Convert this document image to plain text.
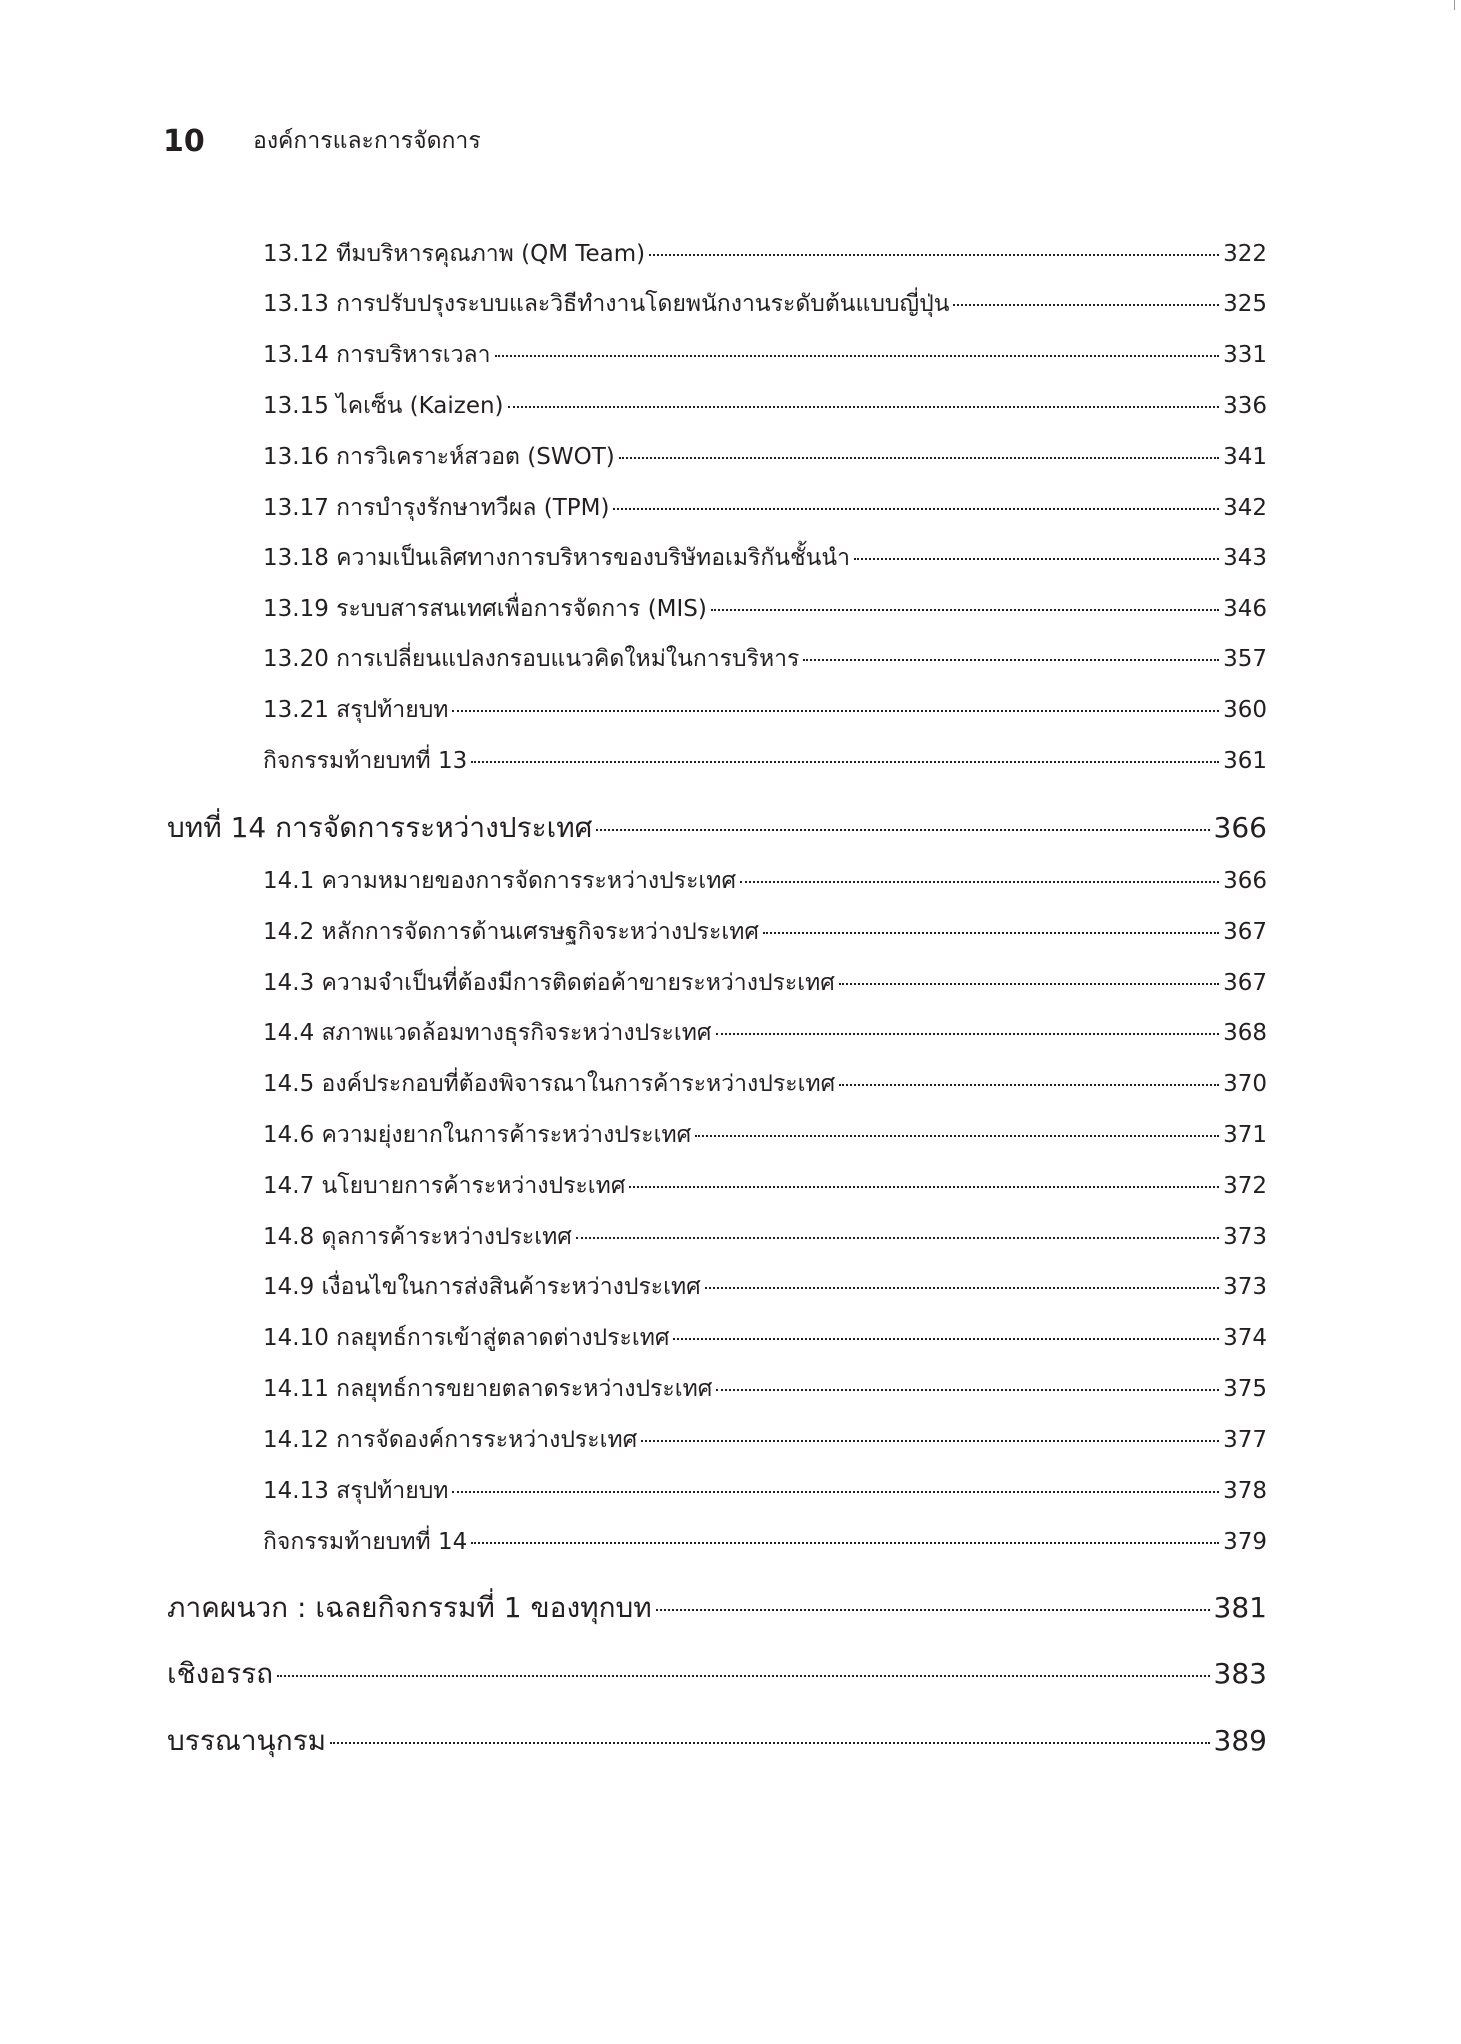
10	องค์การและการจัดการ
13.12 ทีมบริหารคุณภาพ (QM Team)	322
13.13 การปรับปรุงระบบและวิธีทำงานโดยพนักงานระดับต้นแบบญี่ปุ่น	325
13.14 การบริหารเวลา	331
13.15 ไคเซ็น (Kaizen)	336
13.16 การวิเคราะห์สวอต (SWOT)	341
13.17 การบำรุงรักษาทวีผล (TPM)	342
13.18 ความเป็นเลิศทางการบริหารของบริษัทอเมริกันชั้นนำ	343
13.19 ระบบสารสนเทศเพื่อการจัดการ (MIS)	346
13.20 การเปลี่ยนแปลงกรอบแนวคิดใหม่ในการบริหาร	357
13.21 สรุปท้ายบท	360
กิจกรรมท้ายบทที่ 13	361
บทที่ 14 การจัดการระหว่างประเทศ	366
14.1 ความหมายของการจัดการระหว่างประเทศ	366
14.2 หลักการจัดการด้านเศรษฐกิจระหว่างประเทศ	367
14.3 ความจำเป็นที่ต้องมีการติดต่อค้าขายระหว่างประเทศ	367
14.4 สภาพแวดล้อมทางธุรกิจระหว่างประเทศ	368
14.5 องค์ประกอบที่ต้องพิจารณาในการค้าระหว่างประเทศ	370
14.6 ความยุ่งยากในการค้าระหว่างประเทศ	371
14.7 นโยบายการค้าระหว่างประเทศ	372
14.8 ดุลการค้าระหว่างประเทศ	373
14.9 เงื่อนไขในการส่งสินค้าระหว่างประเทศ	373
14.10 กลยุทธ์การเข้าสู่ตลาดต่างประเทศ	374
14.11 กลยุทธ์การขยายตลาดระหว่างประเทศ	375
14.12 การจัดองค์การระหว่างประเทศ	377
14.13 สรุปท้ายบท	378
กิจกรรมท้ายบทที่ 14	379
ภาคผนวก : เฉลยกิจกรรมที่ 1 ของทุกบท	381
เชิงอรรถ	383
บรรณานุกรม	389
